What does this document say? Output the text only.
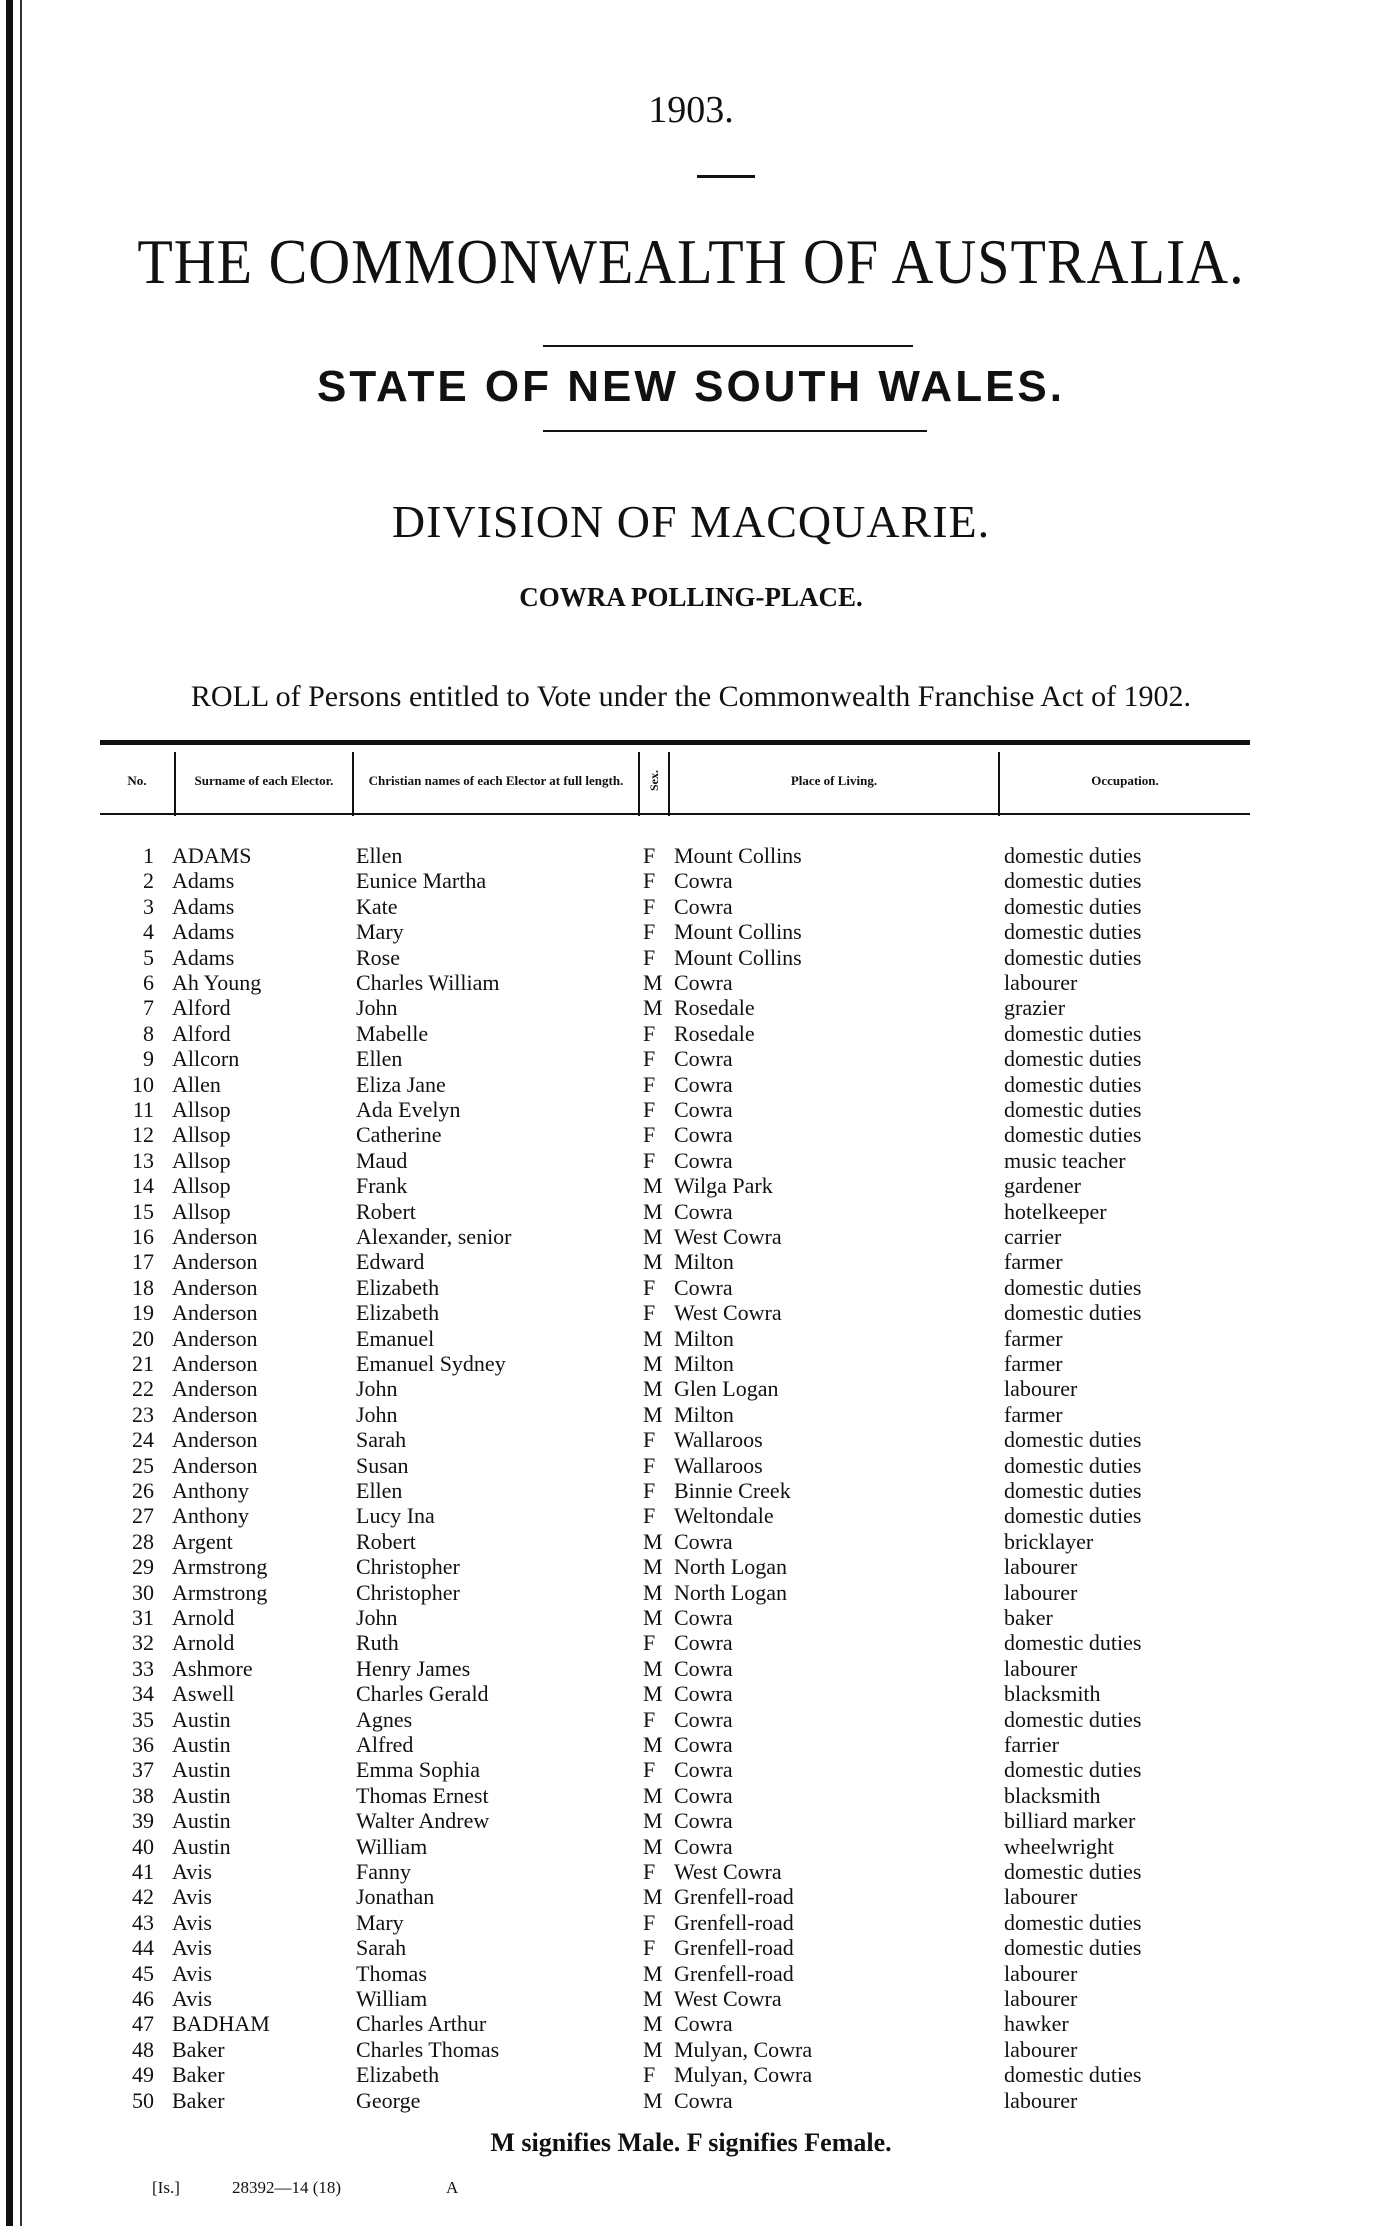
1903.
THE COMMONWEALTH OF AUSTRALIA.
STATE OF NEW SOUTH WALES.
DIVISION OF MACQUARIE.
COWRA POLLING-PLACE.
ROLL of Persons entitled to Vote under the Commonwealth Franchise Act of 1902.
No.	Surname of each Elector.	Christian names of each Elector at full length.	Sex.	Place of Living.	Occupation.
1 ADAMS	Ellen	F Mount Collins	domestic duties
2 Adams	Eunice Martha	F Cowra	domestic duties
3 Adams	Kate	F Cowra	domestic duties
4 Adams	Mary	F Mount Collins	domestic duties
5 Adams	Rose	F Mount Collins	domestic duties
6 Ah Young	Charles William	M Cowra	labourer
7 Alford	John	M Rosedale	grazier
8 Alford	Mabelle	F Rosedale	domestic duties
9 Allcorn	Ellen	F Cowra	domestic duties
10 Allen	Eliza Jane	F Cowra	domestic duties
11 Allsop	Ada Evelyn	F Cowra	domestic duties
12 Allsop	Catherine	F Cowra	domestic duties
13 Allsop	Maud	F Cowra	music teacher
14 Allsop	Frank	M Wilga Park	gardener
15 Allsop	Robert	M Cowra	hotelkeeper
16 Anderson	Alexander, senior	M West Cowra	carrier
17 Anderson	Edward	M Milton	farmer
18 Anderson	Elizabeth	F Cowra	domestic duties
19 Anderson	Elizabeth	F West Cowra	domestic duties
20 Anderson	Emanuel	M Milton	farmer
21 Anderson	Emanuel Sydney	M Milton	farmer
22 Anderson	John	M Glen Logan	labourer
23 Anderson	John	M Milton	farmer
24 Anderson	Sarah	F Wallaroos	domestic duties
25 Anderson	Susan	F Wallaroos	domestic duties
26 Anthony	Ellen	F Binnie Creek	domestic duties
27 Anthony	Lucy Ina	F Weltondale	domestic duties
28 Argent	Robert	M Cowra	bricklayer
29 Armstrong	Christopher	M North Logan	labourer
30 Armstrong	Christopher	M North Logan	labourer
31 Arnold	John	M Cowra	baker
32 Arnold	Ruth	F Cowra	domestic duties
33 Ashmore	Henry James	M Cowra	labourer
34 Aswell	Charles Gerald	M Cowra	blacksmith
35 Austin	Agnes	F Cowra	domestic duties
36 Austin	Alfred	M Cowra	farrier
37 Austin	Emma Sophia	F Cowra	domestic duties
38 Austin	Thomas Ernest	M Cowra	blacksmith
39 Austin	Walter Andrew	M Cowra	billiard marker
40 Austin	William	M Cowra	wheelwright
41 Avis	Fanny	F West Cowra	domestic duties
42 Avis	Jonathan	M Grenfell-road	labourer
43 Avis	Mary	F Grenfell-road	domestic duties
44 Avis	Sarah	F Grenfell-road	domestic duties
45 Avis	Thomas	M Grenfell-road	labourer
46 Avis	William	M West Cowra	labourer
47 BADHAM	Charles Arthur	M Cowra	hawker
48 Baker	Charles Thomas	M Mulyan, Cowra	labourer
49 Baker	Elizabeth	F Mulyan, Cowra	domestic duties
50 Baker	George	M Cowra	labourer
M signifies Male. F signifies Female.
[Is.]	28392—14 (18)	A
